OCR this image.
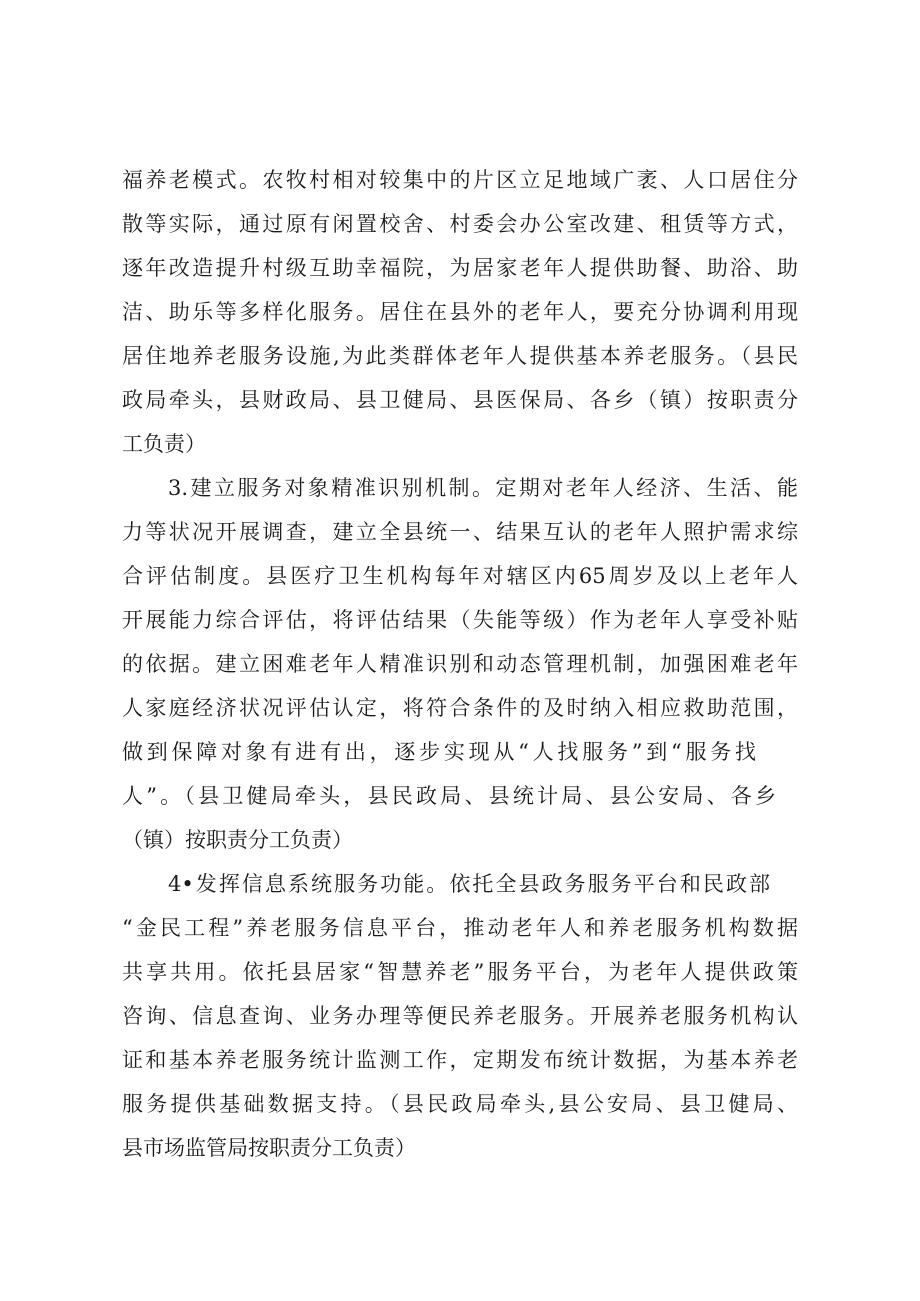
福养老模式。农牧村相对较集中的片区立足地域广袤、人口居住分
散等实际，通过原有闲置校舍、村委会办公室改建、租赁等方式，
逐年改造提升村级互助幸福院，为居家老年人提供助餐、助浴、助
洁、助乐等多样化服务。居住在县外的老年人，要充分协调利用现
居住地养老服务设施,为此类群体老年人提供基本养老服务。（县民
政局牵头，县财政局、县卫健局、县医保局、各乡（镇）按职责分
工负责）
3.建立服务对象精准识别机制。定期对老年人经济、生活、能
力等状况开展调查，建立全县统一、结果互认的老年人照护需求综
合评估制度。县医疗卫生机构每年对辖区内65周岁及以上老年人
开展能力综合评估，将评估结果（失能等级）作为老年人享受补贴
的依据。建立困难老年人精准识别和动态管理机制，加强困难老年
人家庭经济状况评估认定，将符合条件的及时纳入相应救助范围，
做到保障对象有进有出，逐步实现从“人找服务”到“服务找
人”。（县卫健局牵头，县民政局、县统计局、县公安局、各乡
（镇）按职责分工负责）
4•发挥信息系统服务功能。依托全县政务服务平台和民政部
“金民工程”养老服务信息平台，推动老年人和养老服务机构数据
共享共用。依托县居家“智慧养老”服务平台，为老年人提供政策
咨询、信息查询、业务办理等便民养老服务。开展养老服务机构认
证和基本养老服务统计监测工作，定期发布统计数据，为基本养老
服务提供基础数据支持。（县民政局牵头,县公安局、县卫健局、
县市场监管局按职责分工负责）
